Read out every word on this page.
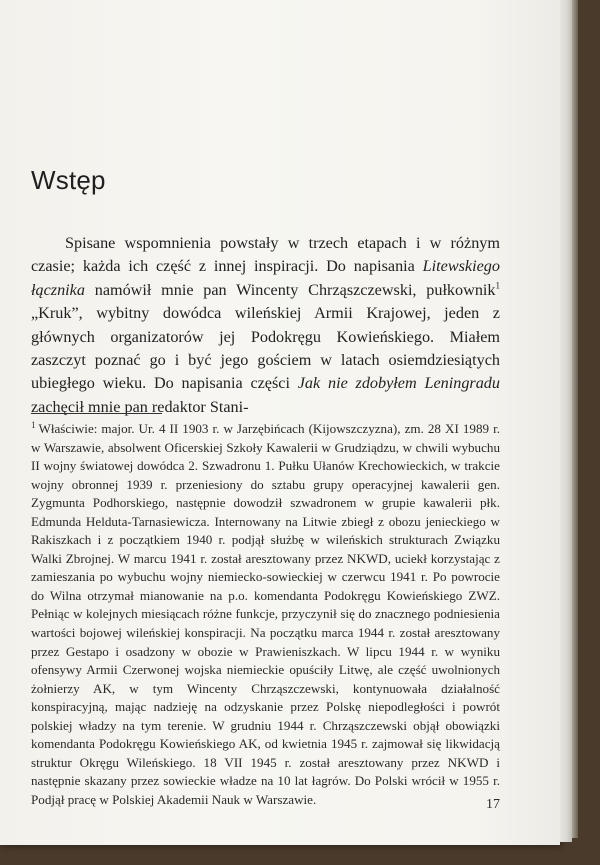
Wstęp

Spisane wspomnienia powstały w trzech etapach i w różnym czasie; każda ich część z innej inspiracji. Do napisania Litewskiego łącznika namówił mnie pan Wincenty Chrząszczewski, pułkownik$^1$ „Kruk”, wybitny dowódca wileńskiej Armii Krajowej, jeden z głównych organizatorów jej Podokręgu Kowieńskiego. Miałem zaszczyt poznać go i być jego gościem w latach osiemdziesiątych ubiegłego wieku. Do napisania części Jak nie zdobyłem Leningradu zachęcił mnie pan redaktor Stani-

$^1$ Właściwie: major. Ur. 4 II 1903 r. w Jarzębińcach (Kijowszczyzna), zm. 28 XI 1989 r. w Warszawie, absolwent Oficerskiej Szkoły Kawalerii w Grudziądzu, w chwili wybuchu II wojny światowej dowódca 2. Szwadronu 1. Pułku Ułanów Krechowieckich, w trakcie wojny obronnej 1939 r. przeniesiony do sztabu grupy operacyjnej kawalerii gen. Zygmunta Podhorskiego, następnie dowodził szwadronem w grupie kawalerii płk. Edmunda Helduta-Tarnasiewicza. Internowany na Litwie zbiegł z obozu jenieckiego w Rakiszkach i z początkiem 1940 r. podjął służbę w wileńskich strukturach Związku Walki Zbrojnej. W marcu 1941 r. został aresztowany przez NKWD, uciekł korzystając z zamieszania po wybuchu wojny niemiecko-sowieckiej w czerwcu 1941 r. Po powrocie do Wilna otrzymał mianowanie na p.o. komendanta Podokręgu Kowieńskiego ZWZ. Pełniąc w kolejnych miesiącach różne funkcje, przyczynił się do znacznego podniesienia wartości bojowej wileńskiej konspiracji. Na początku marca 1944 r. został aresztowany przez Gestapo i osadzony w obozie w Prawieniszkach. W lipcu 1944 r. w wyniku ofensywy Armii Czerwonej wojska niemieckie opuściły Litwę, ale część uwolnionych żołnierzy AK, w tym Wincenty Chrząszczewski, kontynuowała działalność konspiracyjną, mając nadzieję na odzyskanie przez Polskę niepodległości i powrót polskiej władzy na tym terenie. W grudniu 1944 r. Chrząszczewski objął obowiązki komendanta Podokręgu Kowieńskiego AK, od kwietnia 1945 r. zajmował się likwidacją struktur Okręgu Wileńskiego. 18 VII 1945 r. został aresztowany przez NKWD i następnie skazany przez sowieckie władze na 10 lat łagrów. Do Polski wrócił w 1955 r. Podjął pracę w Polskiej Akademii Nauk w Warszawie.	17
